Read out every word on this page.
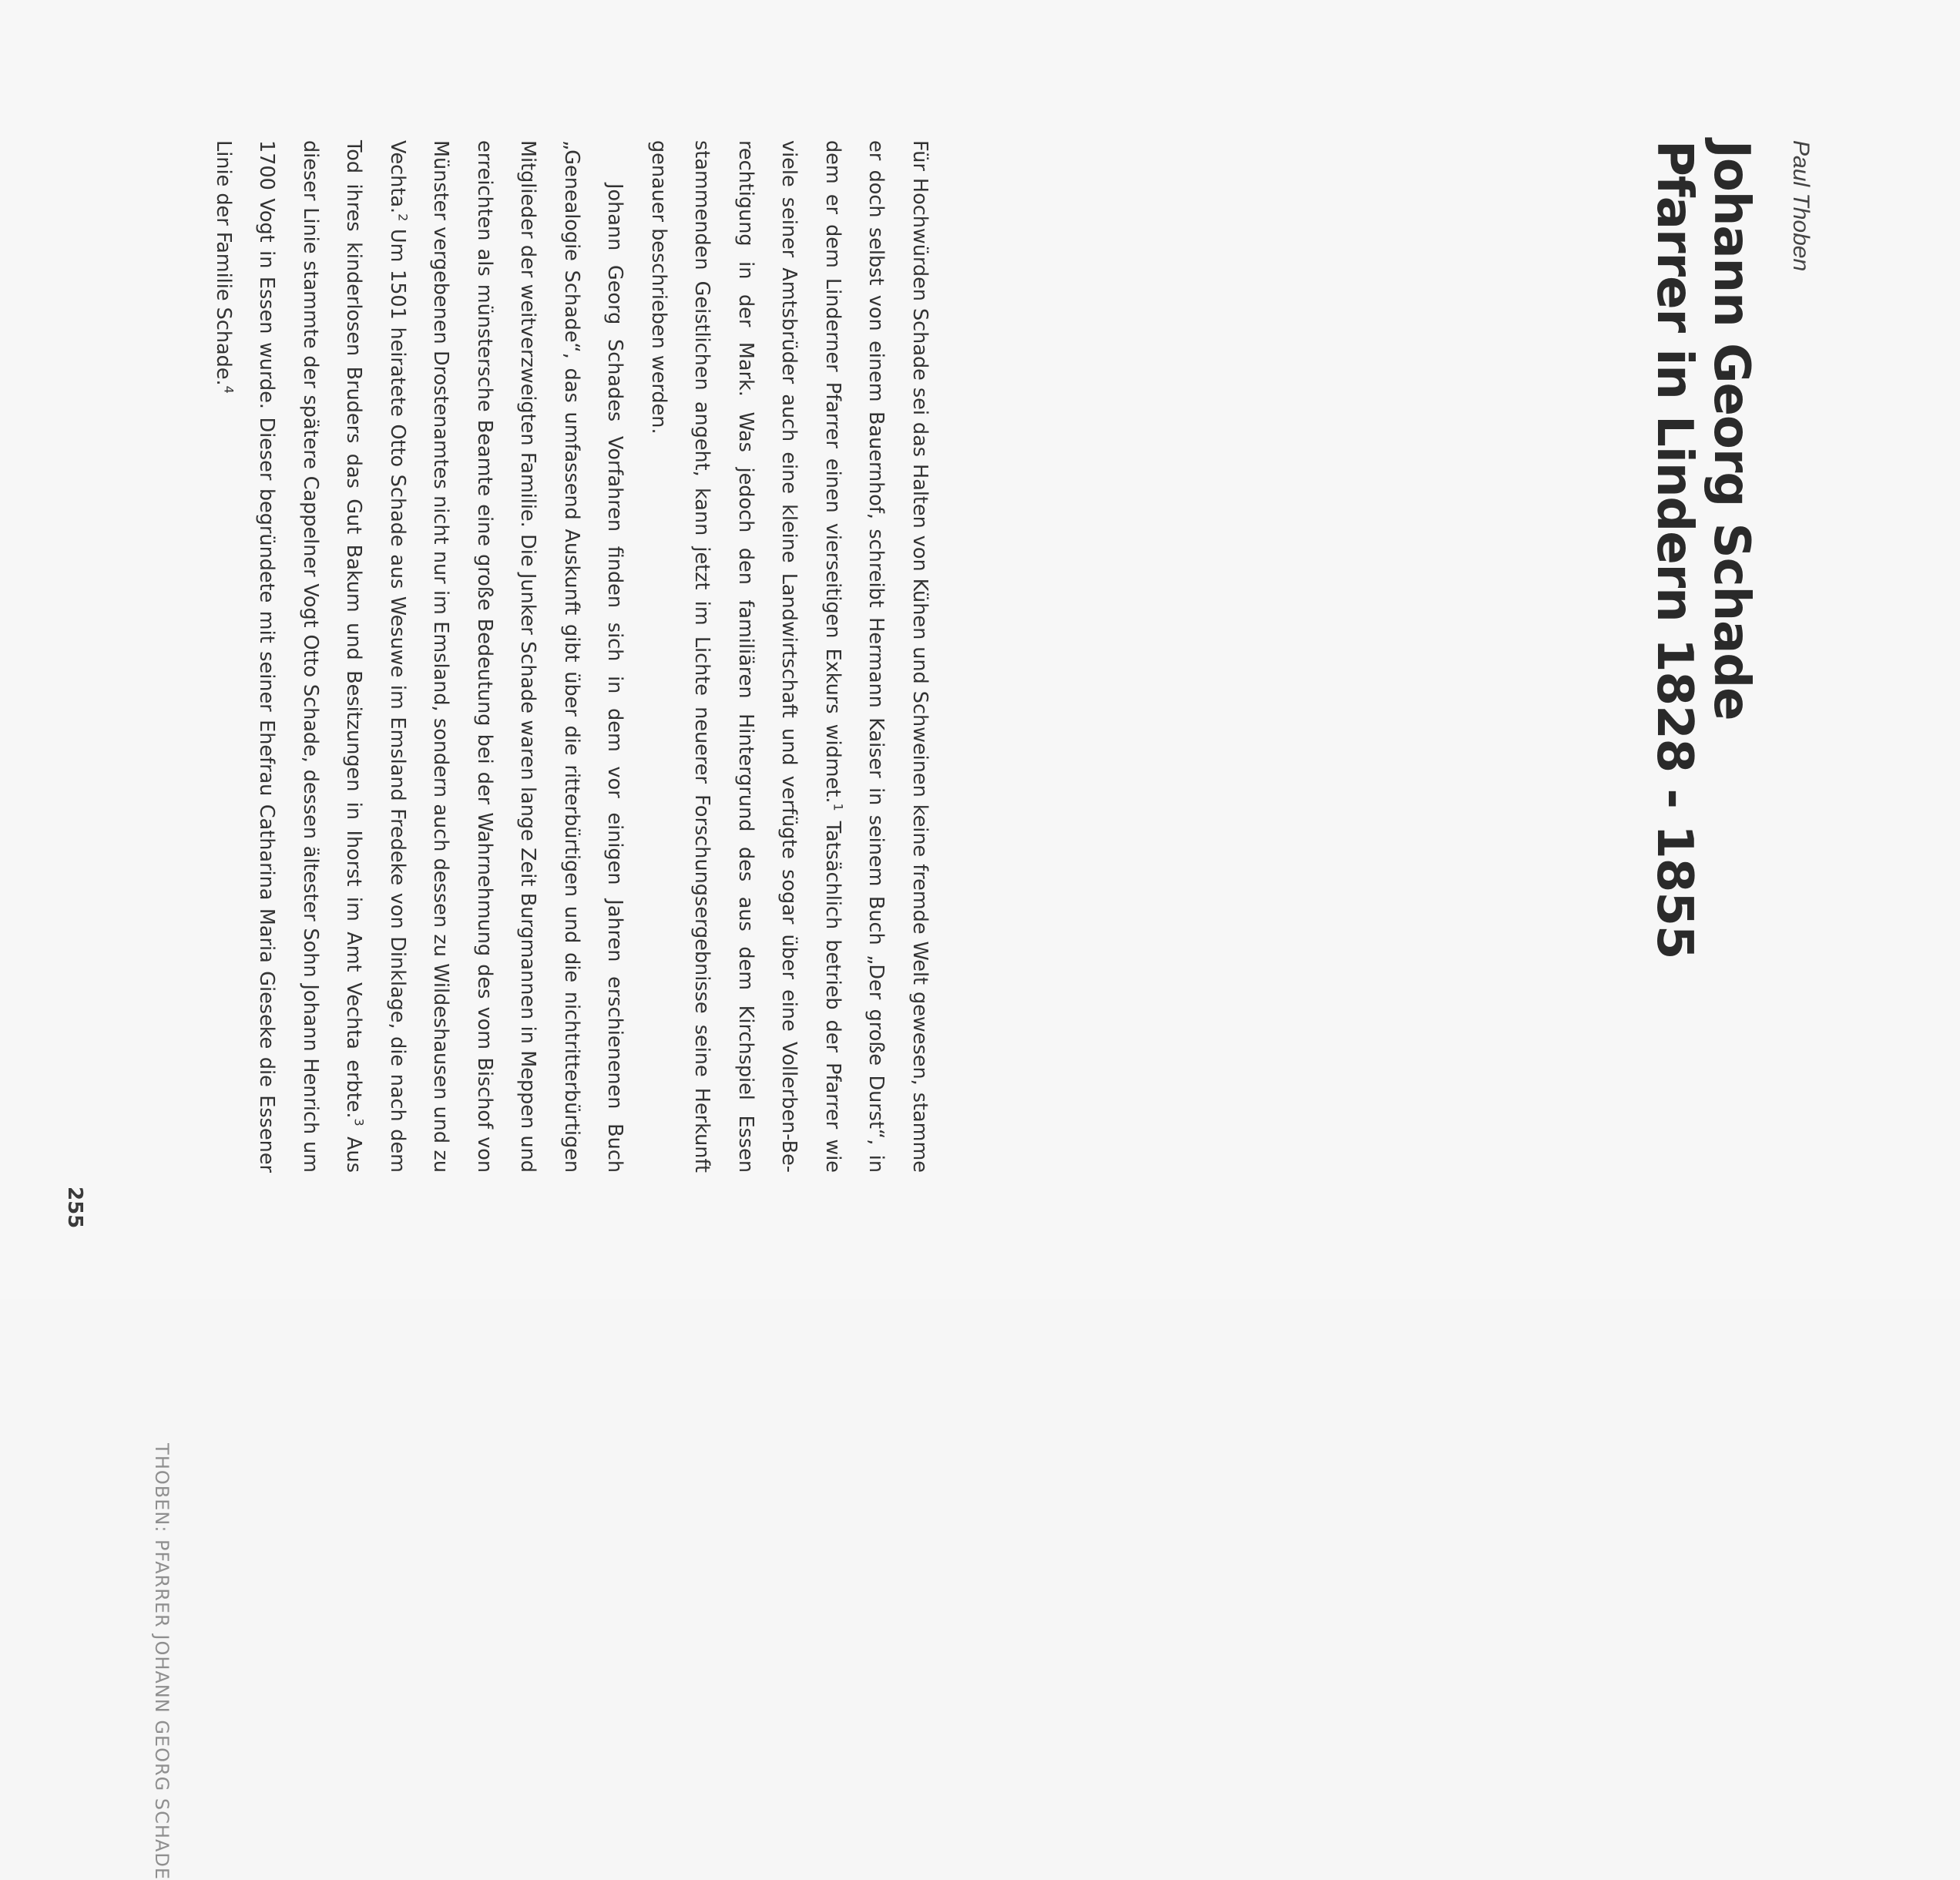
Paul Thoben

Johann Georg Schade
Pfarrer in Lindern 1828 - 1855

Für Hochwürden Schade sei das Halten von Kühen und Schweinen keine fremde Welt gewesen, stamme er doch selbst von einem Bauernhof, schreibt Hermann Kaiser in seinem Buch „Der große Durst“, in dem er dem Linderner Pfarrer einen vierseitigen Exkurs widmet.$^1$ Tatsächlich betrieb der Pfarrer wie viele seiner Amtsbrüder auch eine kleine Landwirtschaft und verfügte sogar über eine Vollerben-Berechtigung in der Mark. Was jedoch den familiären Hintergrund des aus dem Kirchspiel Essen stammenden Geistlichen angeht, kann jetzt im Lichte neuerer Forschungsergebnisse seine Herkunft genauer beschrieben werden.

Johann Georg Schades Vorfahren finden sich in dem vor einigen Jahren erschienenen Buch „Genealogie Schade“, das umfassend Auskunft gibt über die ritterbürtigen und die nichtritterbürtigen Mitglieder der weitverzweigten Familie. Die Junker Schade waren lange Zeit Burgmannen in Meppen und erreichten als münstersche Beamte eine große Bedeutung bei der Wahrnehmung des vom Bischof von Münster vergebenen Drostenamtes nicht nur im Emsland, sondern auch dessen zu Wildeshausen und zu Vechta.$^2$ Um 1501 heiratete Otto Schade aus Wesuwe im Emsland Fredeke von Dinklage, die nach dem Tod ihres kinderlosen Bruders das Gut Bakum und Besitzungen in Ihorst im Amt Vechta erbte.$^3$ Aus dieser Linie stammte der spätere Cappelner Vogt Otto Schade, dessen ältester Sohn Johann Henrich um 1700 Vogt in Essen wurde. Dieser begründete mit seiner Ehefrau Catharina Maria Gieseke die Essener Linie der Familie Schade.$^4$

THOBEN: PFARRER JOHANN GEORG SCHADE

255
